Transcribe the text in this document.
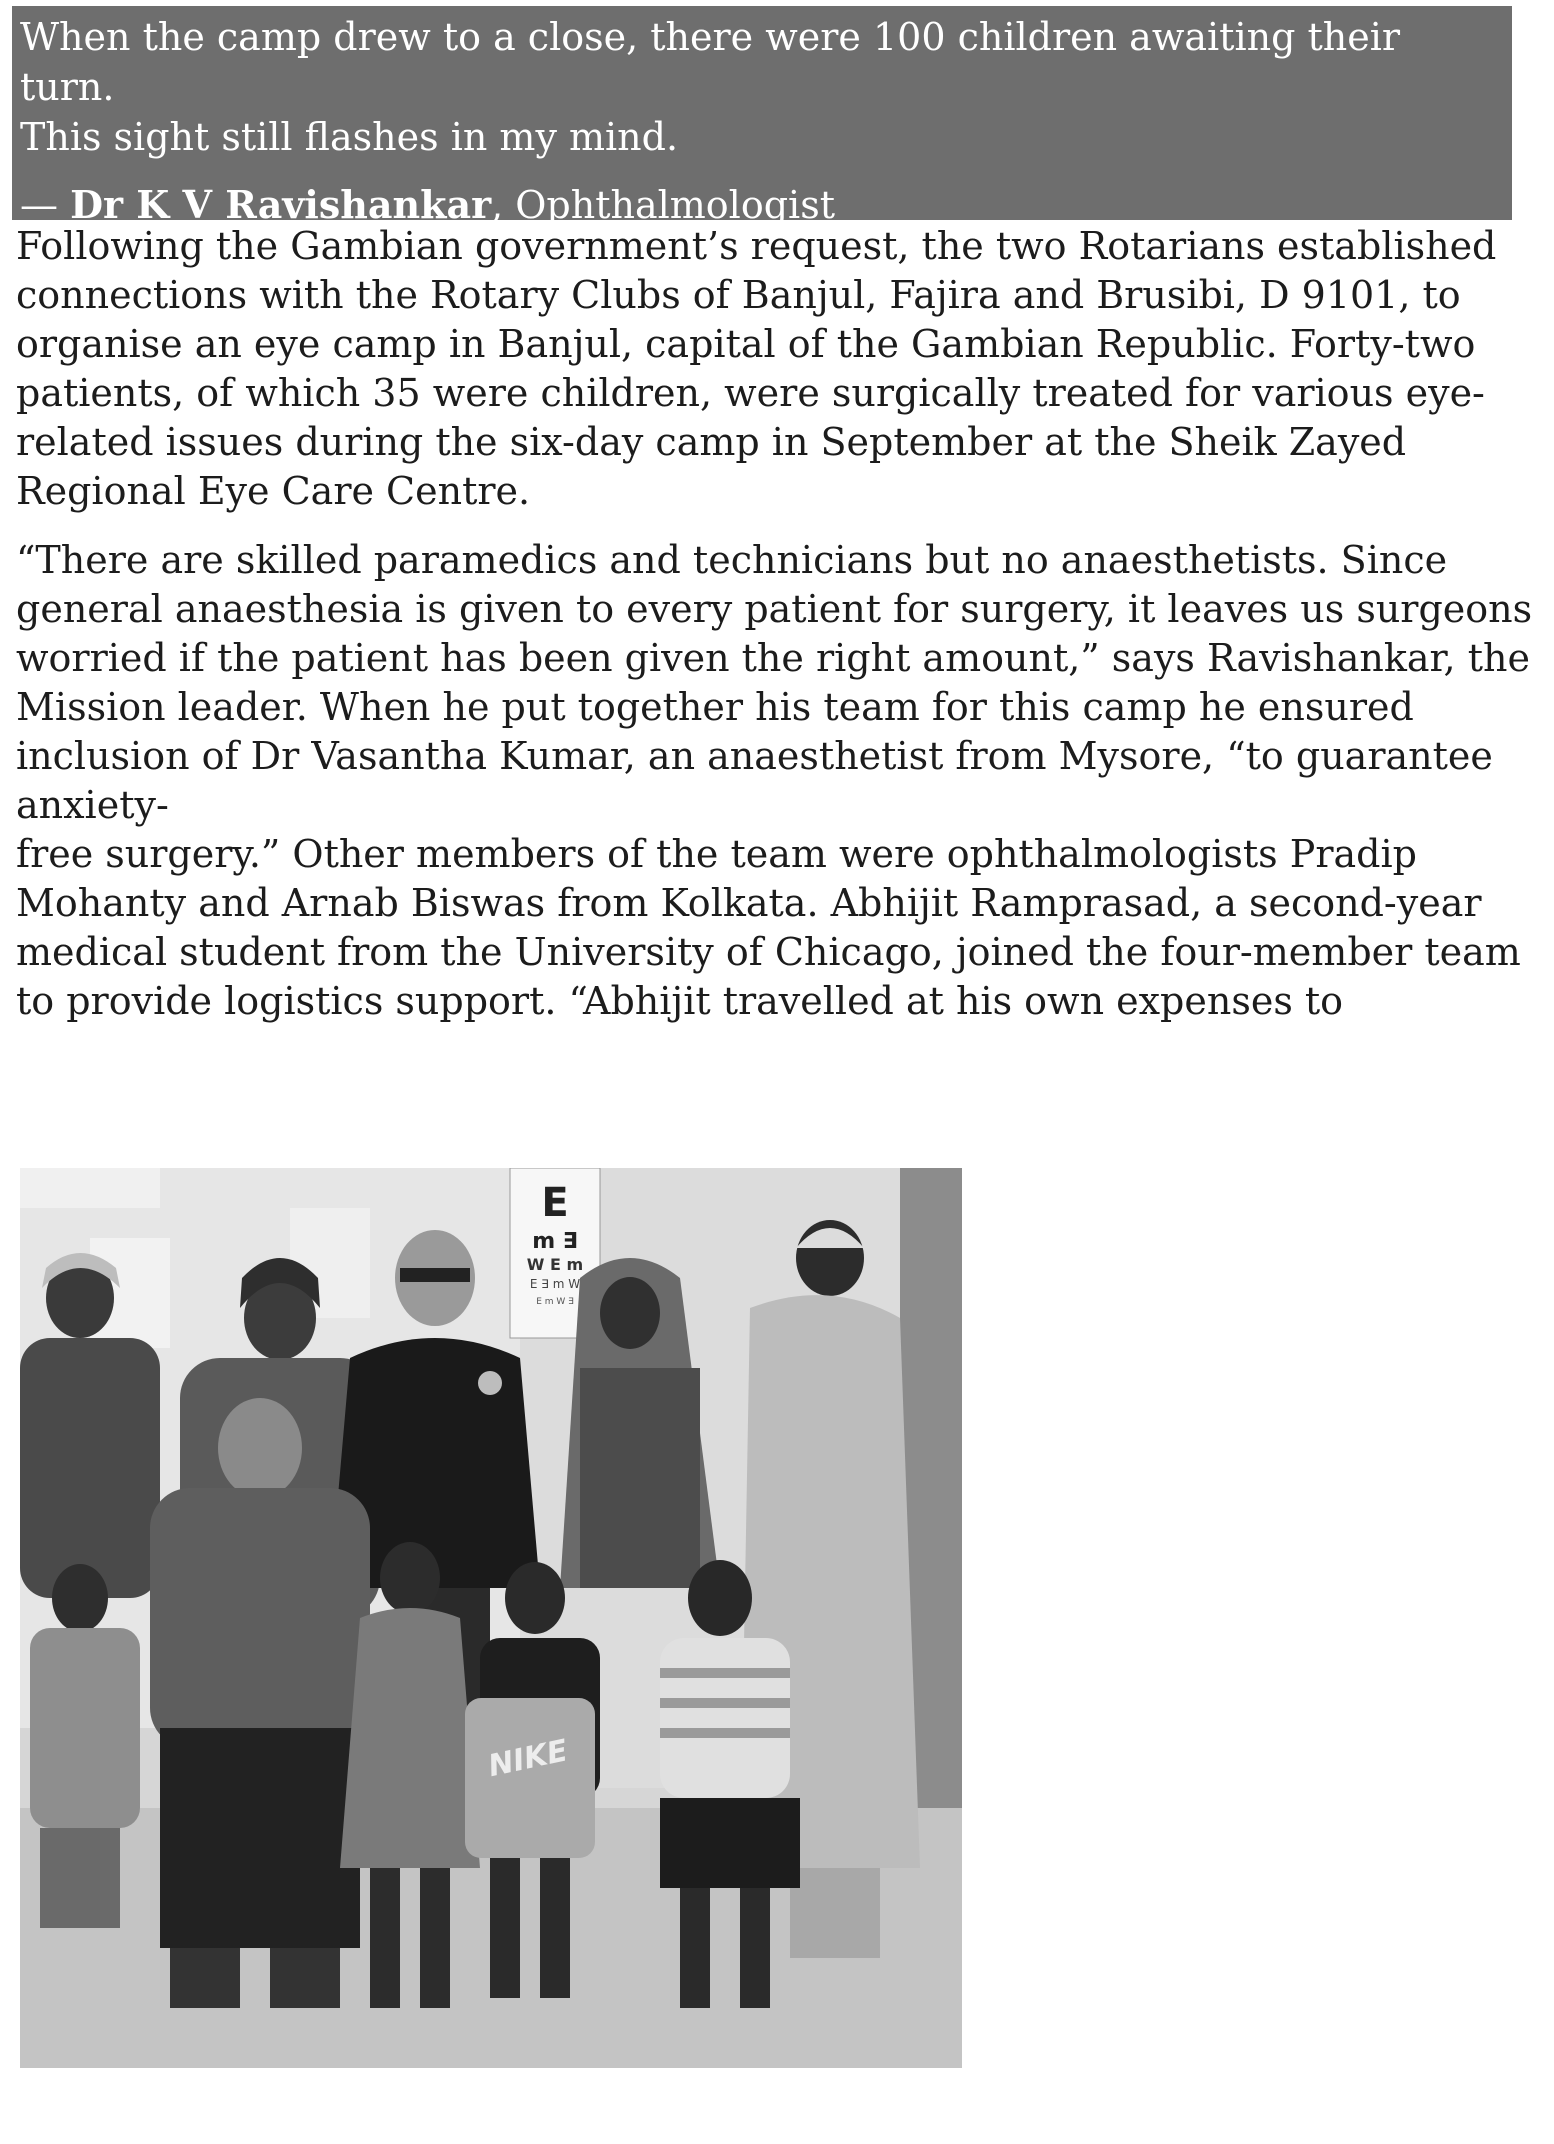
When the camp drew to a close, there were 100 children awaiting their turn.
This sight still flashes in my mind.

— Dr K V Ravishankar, Ophthalmologist

Following the Gambian government’s request, the two Rotarians established
connections with the Rotary Clubs of Banjul, Fajira and Brusibi, D 9101, to
organise an eye camp in Banjul, capital of the Gambian Republic. Forty-two
patients, of which 35 were children, were surgically treated for various eye-
related issues during the six-day camp in September at the Sheik Zayed
Regional Eye Care Centre.

“There are skilled paramedics and technicians but no anaesthetists. Since
general anaesthesia is given to every patient for surgery, it leaves us surgeons
worried if the patient has been given the right amount,” says Ravishankar, the
Mission leader. When he put together his team for this camp he ensured
inclusion of Dr Vasantha Kumar, an anaesthetist from Mysore, “to guarantee
anxiety-
free surgery.” Other members of the team were ophthalmologists Pradip
Mohanty and Arnab Biswas from Kolkata. Abhijit Ramprasad, a second-year
medical student from the University of Chicago, joined the four-member team
to provide logistics support. “Abhijit travelled at his own expenses to

E
m ∃
W E m
E ∃ m W
E m W ∃
NIKE
